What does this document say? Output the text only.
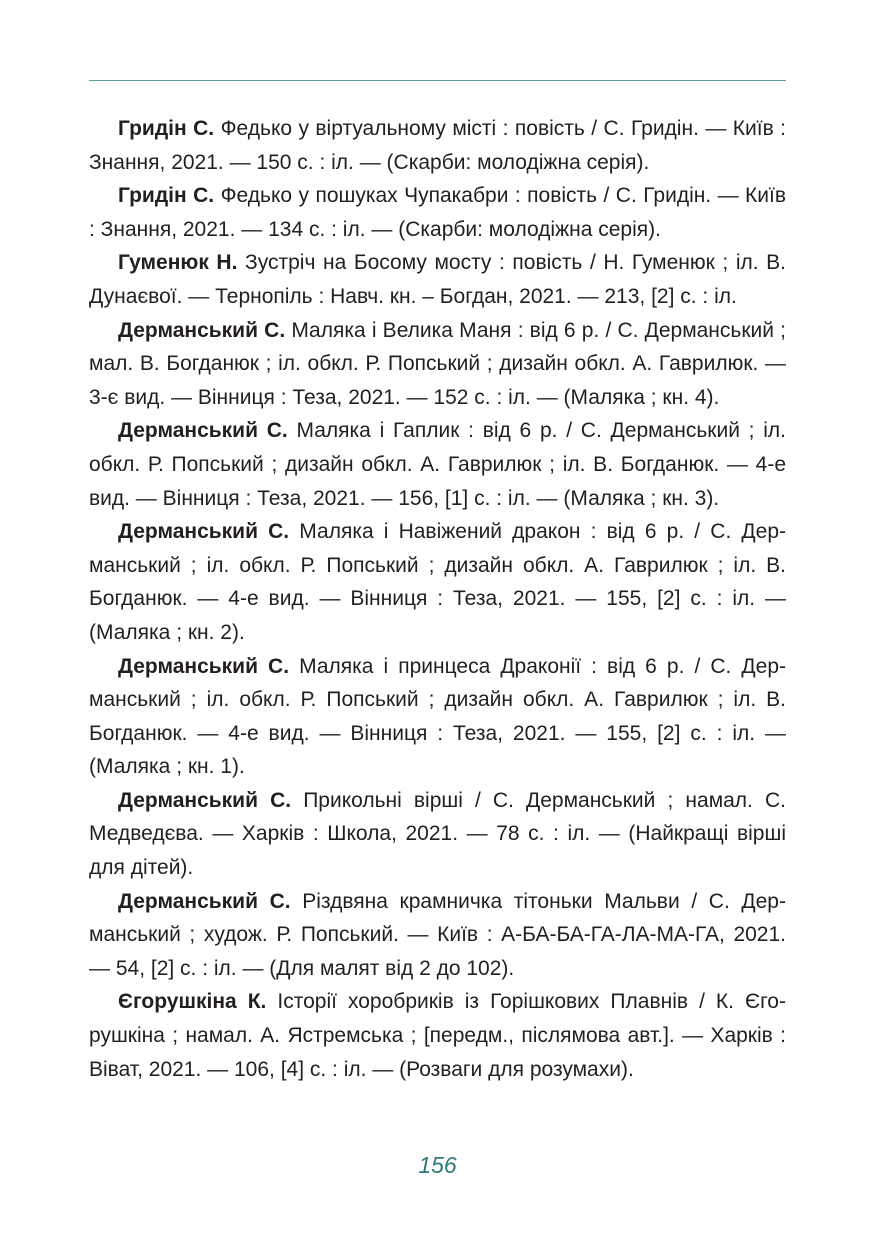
Гридін С. Федько у віртуальному місті : повість / С. Гридін. — Київ : Знання, 2021. — 150 с. : іл. — (Скарби: молодіжна серія).

Гридін С. Федько у пошуках Чупакабри : повість / С. Гридін. — Київ : Знання, 2021. — 134 с. : іл. — (Скарби: молодіжна серія).

Гуменюк Н. Зустріч на Босому мосту : повість / Н. Гуменюк ; іл. В. Дунаєвої. — Тернопіль : Навч. кн. – Богдан, 2021. — 213, [2] с. : іл.

Дерманський С. Маляка і Велика Маня : від 6 р. / С. Дерманський ; мал. В. Богданюк ; іл. обкл. Р. Попський ; дизайн обкл. А. Гаврилюк. — 3-є вид. — Вінниця : Теза, 2021. — 152 с. : іл. — (Маляка ; кн. 4).

Дерманський С. Маляка і Гаплик : від 6 р. / С. Дерманський ; іл. обкл. Р. Попський ; дизайн обкл. А. Гаврилюк ; іл. В. Богданюк. — 4-е вид. — Вінниця : Теза, 2021. — 156, [1] с. : іл. — (Маляка ; кн. 3).

Дерманський С. Маляка і Навіжений дракон : від 6 р. / С. Дерманський ; іл. обкл. Р. Попський ; дизайн обкл. А. Гаврилюк ; іл. В. Богданюк. — 4-е вид. — Вінниця : Теза, 2021. — 155, [2] с. : іл. — (Маляка ; кн. 2).

Дерманський С. Маляка і принцеса Драконії : від 6 р. / С. Дерманський ; іл. обкл. Р. Попський ; дизайн обкл. А. Гаврилюк ; іл. В. Богданюк. — 4-е вид. — Вінниця : Теза, 2021. — 155, [2] с. : іл. — (Маляка ; кн. 1).

Дерманський С. Прикольні вірші / С. Дерманський ; намал. С. Медведєва. — Харків : Школа, 2021. — 78 с. : іл. — (Найкращі вірші для дітей).

Дерманський С. Різдвяна крамничка тітоньки Мальви / С. Дерманський ; худож. Р. Попський. — Київ : А-БА-БА-ГА-ЛА-МА-ГА, 2021. — 54, [2] с. : іл. — (Для малят від 2 до 102).

Єгорушкіна К. Історії хоробриків із Горішкових Плавнів / К. Єгорушкіна ; намал. А. Ястремська ; [передм., післямова авт.]. — Харків : Віват, 2021. — 106, [4] с. : іл. — (Розваги для розумахи).

156
